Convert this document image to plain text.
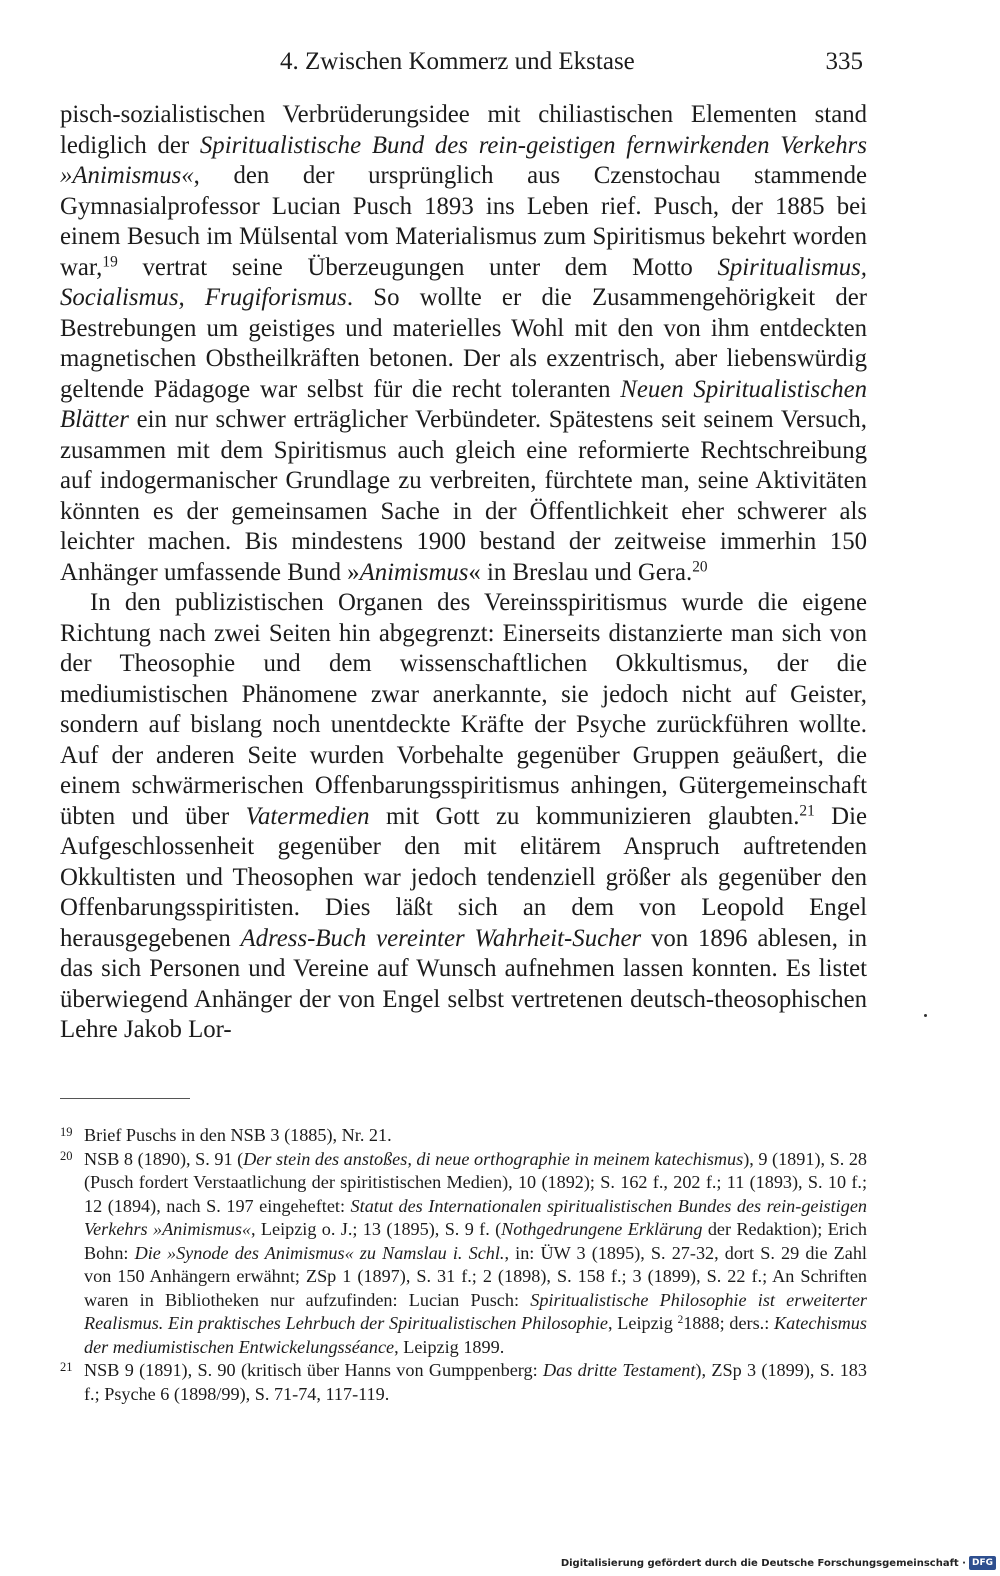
4. Zwischen Kommerz und Ekstase	335

pisch-sozialistischen Verbrüderungsidee mit chiliastischen Elementen stand lediglich der Spiritualistische Bund des rein-geistigen fernwirkenden Verkehrs »Animismus«, den der ursprünglich aus Czenstochau stammende Gymnasialprofessor Lucian Pusch 1893 ins Leben rief. Pusch, der 1885 bei einem Besuch im Mülsental vom Materialismus zum Spiritismus bekehrt worden war,$^{19}$ vertrat seine Überzeugungen unter dem Motto Spiritualismus, Socialismus, Frugiforismus. So wollte er die Zusammengehörigkeit der Bestrebungen um geistiges und materielles Wohl mit den von ihm entdeckten magnetischen Obstheilkräften betonen. Der als exzentrisch, aber liebenswürdig geltende Pädagoge war selbst für die recht toleranten Neuen Spiritualistischen Blätter ein nur schwer erträglicher Verbündeter. Spätestens seit seinem Versuch, zusammen mit dem Spiritismus auch gleich eine reformierte Rechtschreibung auf indogermanischer Grundlage zu verbreiten, fürchtete man, seine Aktivitäten könnten es der gemeinsamen Sache in der Öffentlichkeit eher schwerer als leichter machen. Bis mindestens 1900 bestand der zeitweise immerhin 150 Anhänger umfassende Bund »Animismus« in Breslau und Gera.$^{20}$

In den publizistischen Organen des Vereinsspiritismus wurde die eigene Richtung nach zwei Seiten hin abgegrenzt: Einerseits distanzierte man sich von der Theosophie und dem wissenschaftlichen Okkultismus, der die mediumistischen Phänomene zwar anerkannte, sie jedoch nicht auf Geister, sondern auf bislang noch unentdeckte Kräfte der Psyche zurückführen wollte. Auf der anderen Seite wurden Vorbehalte gegenüber Gruppen geäußert, die einem schwärmerischen Offenbarungsspiritismus anhingen, Gütergemeinschaft übten und über Vatermedien mit Gott zu kommunizieren glaubten.$^{21}$ Die Aufgeschlossenheit gegenüber den mit elitärem Anspruch auftretenden Okkultisten und Theosophen war jedoch tendenziell größer als gegenüber den Offenbarungsspiritisten. Dies läßt sich an dem von Leopold Engel herausgegebenen Adress-Buch vereinter Wahrheit-Sucher von 1896 ablesen, in das sich Personen und Vereine auf Wunsch aufnehmen lassen konnten. Es listet überwiegend Anhänger der von Engel selbst vertretenen deutsch-theosophischen Lehre Jakob Lor-

19 Brief Puschs in den NSB 3 (1885), Nr. 21.

20 NSB 8 (1890), S. 91 (Der stein des anstoßes, di neue orthographie in meinem katechismus), 9 (1891), S. 28 (Pusch fordert Verstaatlichung der spiritistischen Medien), 10 (1892); S. 162 f., 202 f.; 11 (1893), S. 10 f.; 12 (1894), nach S. 197 eingeheftet: Statut des Internationalen spiritualistischen Bundes des rein-geistigen Verkehrs »Animismus«, Leipzig o. J.; 13 (1895), S. 9 f. (Nothgedrungene Erklärung der Redaktion); Erich Bohn: Die »Synode des Animismus« zu Namslau i. Schl., in: ÜW 3 (1895), S. 27-32, dort S. 29 die Zahl von 150 Anhängern erwähnt; ZSp 1 (1897), S. 31 f.; 2 (1898), S. 158 f.; 3 (1899), S. 22 f.; An Schriften waren in Bibliotheken nur aufzufinden: Lucian Pusch: Spiritualistische Philosophie ist erweiterter Realismus. Ein praktisches Lehrbuch der Spiritualistischen Philosophie, Leipzig $^2$1888; ders.: Katechismus der mediumistischen Entwickelungsséance, Leipzig 1899.

21 NSB 9 (1891), S. 90 (kritisch über Hanns von Gumppenberg: Das dritte Testament), ZSp 3 (1899), S. 183 f.; Psyche 6 (1898/99), S. 71-74, 117-119.

Digitalisierung gefördert durch die Deutsche Forschungsgemeinschaft · DFG
